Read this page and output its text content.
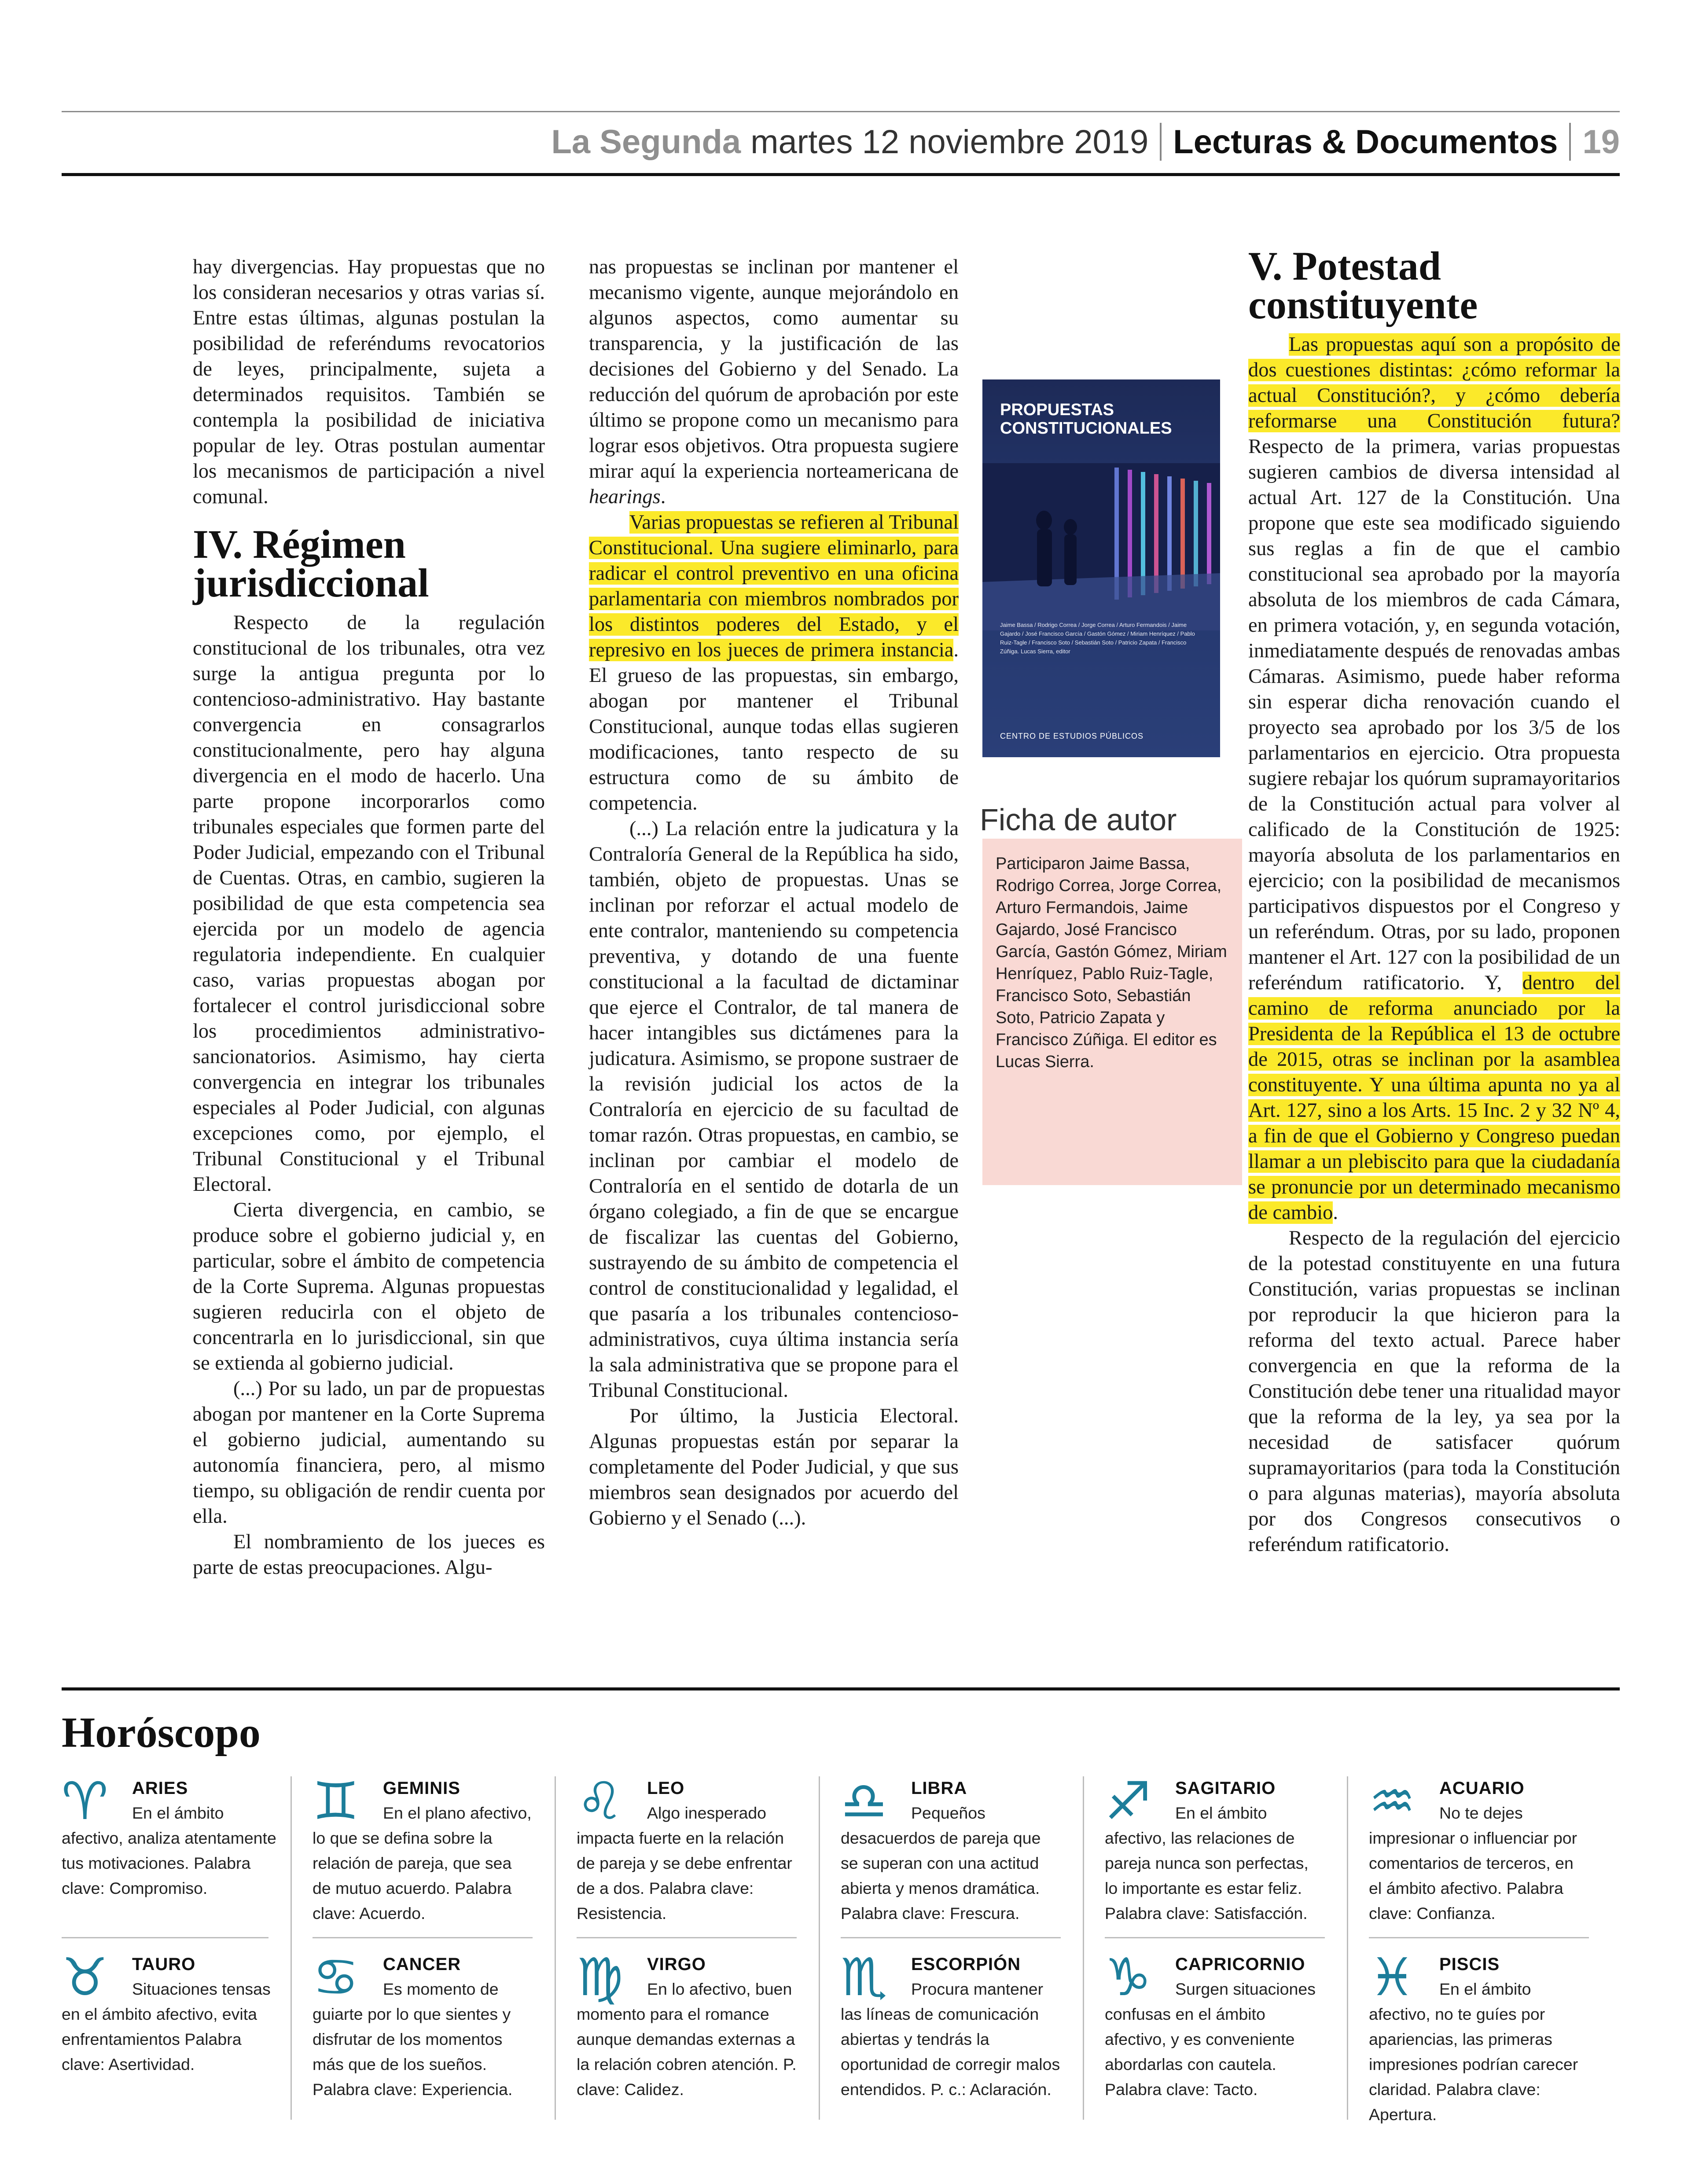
La Segunda martes 12 noviembre 2019 Lecturas & Documentos 19

hay divergencias. Hay propuestas que no los consideran necesarios y otras varias sí. Entre estas últimas, algunas postulan la posibilidad de referéndums revocatorios de leyes, principalmente, sujeta a determinados requisitos. También se contempla la posibilidad de iniciativa popular de ley. Otras postulan aumentar los mecanismos de participación a nivel comunal.

IV. Régimen jurisdiccional

Respecto de la regulación constitucional de los tribunales, otra vez surge la antigua pregunta por lo contencioso-administrativo. Hay bastante convergencia en consagrarlos constitucionalmente, pero hay alguna divergencia en el modo de hacerlo. Una parte propone incorporarlos como tribunales especiales que formen parte del Poder Judicial, empezando con el Tribunal de Cuentas. Otras, en cambio, sugieren la posibilidad de que esta competencia sea ejercida por un modelo de agencia regulatoria independiente. En cualquier caso, varias propuestas abogan por fortalecer el control jurisdiccional sobre los procedimientos administrativo-sancionatorios. Asimismo, hay cierta convergencia en integrar los tribunales especiales al Poder Judicial, con algunas excepciones como, por ejemplo, el Tribunal Constitucional y el Tribunal Electoral.

Cierta divergencia, en cambio, se produce sobre el gobierno judicial y, en particular, sobre el ámbito de competencia de la Corte Suprema. Algunas propuestas sugieren reducirla con el objeto de concentrarla en lo jurisdiccional, sin que se extienda al gobierno judicial.

(...) Por su lado, un par de propuestas abogan por mantener en la Corte Suprema el gobierno judicial, aumentando su autonomía financiera, pero, al mismo tiempo, su obligación de rendir cuenta por ella.

El nombramiento de los jueces es parte de estas preocupaciones. Algu-

nas propuestas se inclinan por mantener el mecanismo vigente, aunque mejorándolo en algunos aspectos, como aumentar su transparencia, y la justificación de las decisiones del Gobierno y del Senado. La reducción del quórum de aprobación por este último se propone como un mecanismo para lograr esos objetivos. Otra propuesta sugiere mirar aquí la experiencia norteamericana de hearings.

Varias propuestas se refieren al Tribunal Constitucional. Una sugiere eliminarlo, para radicar el control preventivo en una oficina parlamentaria con miembros nombrados por los distintos poderes del Estado, y el represivo en los jueces de primera instancia. El grueso de las propuestas, sin embargo, abogan por mantener el Tribunal Constitucional, aunque todas ellas sugieren modificaciones, tanto respecto de su estructura como de su ámbito de competencia.

(...) La relación entre la judicatura y la Contraloría General de la República ha sido, también, objeto de propuestas. Unas se inclinan por reforzar el actual modelo de ente contralor, manteniendo su competencia preventiva, y dotando de una fuente constitucional a la facultad de dictaminar que ejerce el Contralor, de tal manera de hacer intangibles sus dictámenes para la judicatura. Asimismo, se propone sustraer de la revisión judicial los actos de la Contraloría en ejercicio de su facultad de tomar razón. Otras propuestas, en cambio, se inclinan por cambiar el modelo de Contraloría en el sentido de dotarla de un órgano colegiado, a fin de que se encargue de fiscalizar las cuentas del Gobierno, sustrayendo de su ámbito de competencia el control de constitucionalidad y legalidad, el que pasaría a los tribunales contencioso-administrativos, cuya última instancia sería la sala administrativa que se propone para el Tribunal Constitucional.

Por último, la Justicia Electoral. Algunas propuestas están por separar la completamente del Poder Judicial, y que sus miembros sean designados por acuerdo del Gobierno y el Senado (...).

PROPUESTAS CONSTITUCIONALES
Jaime Bassa / Rodrigo Correa / Jorge Correa / Arturo Fermandois / Jaime Gajardo / José Francisco García / Gastón Gómez / Miriam Henríquez / Pablo Ruiz-Tagle / Francisco Soto / Sebastián Soto / Patricio Zapata / Francisco Zúñiga. Lucas Sierra, editor
CENTRO DE ESTUDIOS PÚBLICOS
Ficha de autor
Participaron Jaime Bassa, Rodrigo Correa, Jorge Correa, Arturo Fermandois, Jaime Gajardo, José Francisco García, Gastón Gómez, Miriam Henríquez, Pablo Ruiz-Tagle, Francisco Soto, Sebastián Soto, Patricio Zapata y Francisco Zúñiga. El editor es Lucas Sierra.
V. Potestad constituyente

Las propuestas aquí son a propósito de dos cuestiones distintas: ¿cómo reformar la actual Constitución?, y ¿cómo debería reformarse una Constitución futura? Respecto de la primera, varias propuestas sugieren cambios de diversa intensidad al actual Art. 127 de la Constitución. Una propone que este sea modificado siguiendo sus reglas a fin de que el cambio constitucional sea aprobado por la mayoría absoluta de los miembros de cada Cámara, en primera votación, y, en segunda votación, inmediatamente después de renovadas ambas Cámaras. Asimismo, puede haber reforma sin esperar dicha renovación cuando el proyecto sea aprobado por los 3/5 de los parlamentarios en ejercicio. Otra propuesta sugiere rebajar los quórum supramayoritarios de la Constitución actual para volver al calificado de la Constitución de 1925: mayoría absoluta de los parlamentarios en ejercicio; con la posibilidad de mecanismos participativos dispuestos por el Congreso y un referéndum. Otras, por su lado, proponen mantener el Art. 127 con la posibilidad de un referéndum ratificatorio. Y, dentro del camino de reforma anunciado por la Presidenta de la República el 13 de octubre de 2015, otras se inclinan por la asamblea constituyente. Y una última apunta no ya al Art. 127, sino a los Arts. 15 Inc. 2 y 32 Nº 4, a fin de que el Gobierno y Congreso puedan llamar a un plebiscito para que la ciudadanía se pronuncie por un determinado mecanismo de cambio.

Respecto de la regulación del ejercicio de la potestad constituyente en una futura Constitución, varias propuestas se inclinan por reproducir la que hicieron para la reforma del texto actual. Parece haber convergencia en que la reforma de la Constitución debe tener una ritualidad mayor que la reforma de la ley, ya sea por la necesidad de satisfacer quórum supramayoritarios (para toda la Constitución o para algunas materias), mayoría absoluta por dos Congresos consecutivos o referéndum ratificatorio.

Horóscopo
♈ ARIES
En el ámbito afectivo, analiza atentamente tus motivaciones. Palabra clave: Compromiso.
♊ GEMINIS
En el plano afectivo, lo que se defina sobre la relación de pareja, que sea de mutuo acuerdo. Palabra clave: Acuerdo.
♌ LEO
Algo inesperado impacta fuerte en la relación de pareja y se debe enfrentar de a dos. Palabra clave: Resistencia.
♎ LIBRA
Pequeños desacuerdos de pareja que se superan con una actitud abierta y menos dramática. Palabra clave: Frescura.
♐ SAGITARIO
En el ámbito afectivo, las relaciones de pareja nunca son perfectas, lo importante es estar feliz. Palabra clave: Satisfacción.
♒ ACUARIO
No te dejes impresionar o influenciar por comentarios de terceros, en el ámbito afectivo. Palabra clave: Confianza.
♉ TAURO
Situaciones tensas en el ámbito afectivo, evita enfrentamientos Palabra clave: Asertividad.
♋ CANCER
Es momento de guiarte por lo que sientes y disfrutar de los momentos más que de los sueños. Palabra clave: Experiencia.
♍ VIRGO
En lo afectivo, buen momento para el romance aunque demandas externas a la relación cobren atención. P. clave: Calidez.
♏ ESCORPIÓN
Procura mantener las líneas de comunicación abiertas y tendrás la oportunidad de corregir malos entendidos. P. c.: Aclaración.
♑ CAPRICORNIO
Surgen situaciones confusas en el ámbito afectivo, y es conveniente abordarlas con cautela. Palabra clave: Tacto.
♓ PISCIS
En el ámbito afectivo, no te guíes por apariencias, las primeras impresiones podrían carecer claridad. Palabra clave: Apertura.
